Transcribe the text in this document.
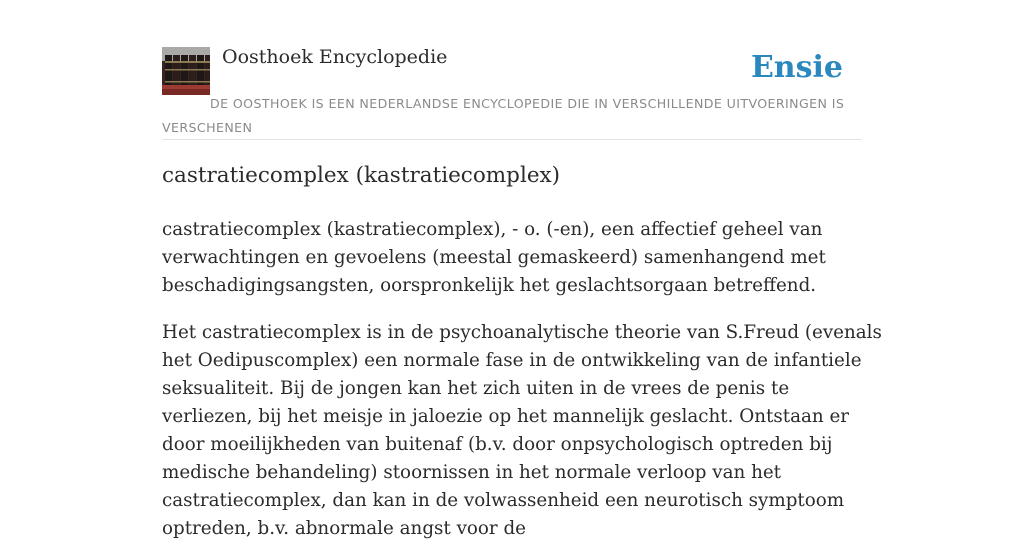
Oosthoek Encyclopedie	Ensie
DE OOSTHOEK IS EEN NEDERLANDSE ENCYCLOPEDIE DIE IN VERSCHILLENDE UITVOERINGEN IS VERSCHENEN
castratiecomplex (kastratiecomplex)

castratiecomplex (kastratiecomplex), - o. (-en), een affectief geheel van verwachtingen en gevoelens (meestal gemaskeerd) samenhangend met beschadigingsangsten, oorspronkelijk het geslachtsorgaan betreffend.

Het castratiecomplex is in de psychoanalytische theorie van S.Freud (evenals het Oedipuscomplex) een normale fase in de ontwikkeling van de infantiele seksualiteit. Bij de jongen kan het zich uiten in de vrees de penis te verliezen, bij het meisje in jaloezie op het mannelijk geslacht. Ontstaan er door moeilijkheden van buitenaf (b.v. door onpsychologisch optreden bij medische behandeling) stoornissen in het normale verloop van het castratiecomplex, dan kan in de volwassenheid een neurotisch symptoom optreden, b.v. abnormale angst voor de
